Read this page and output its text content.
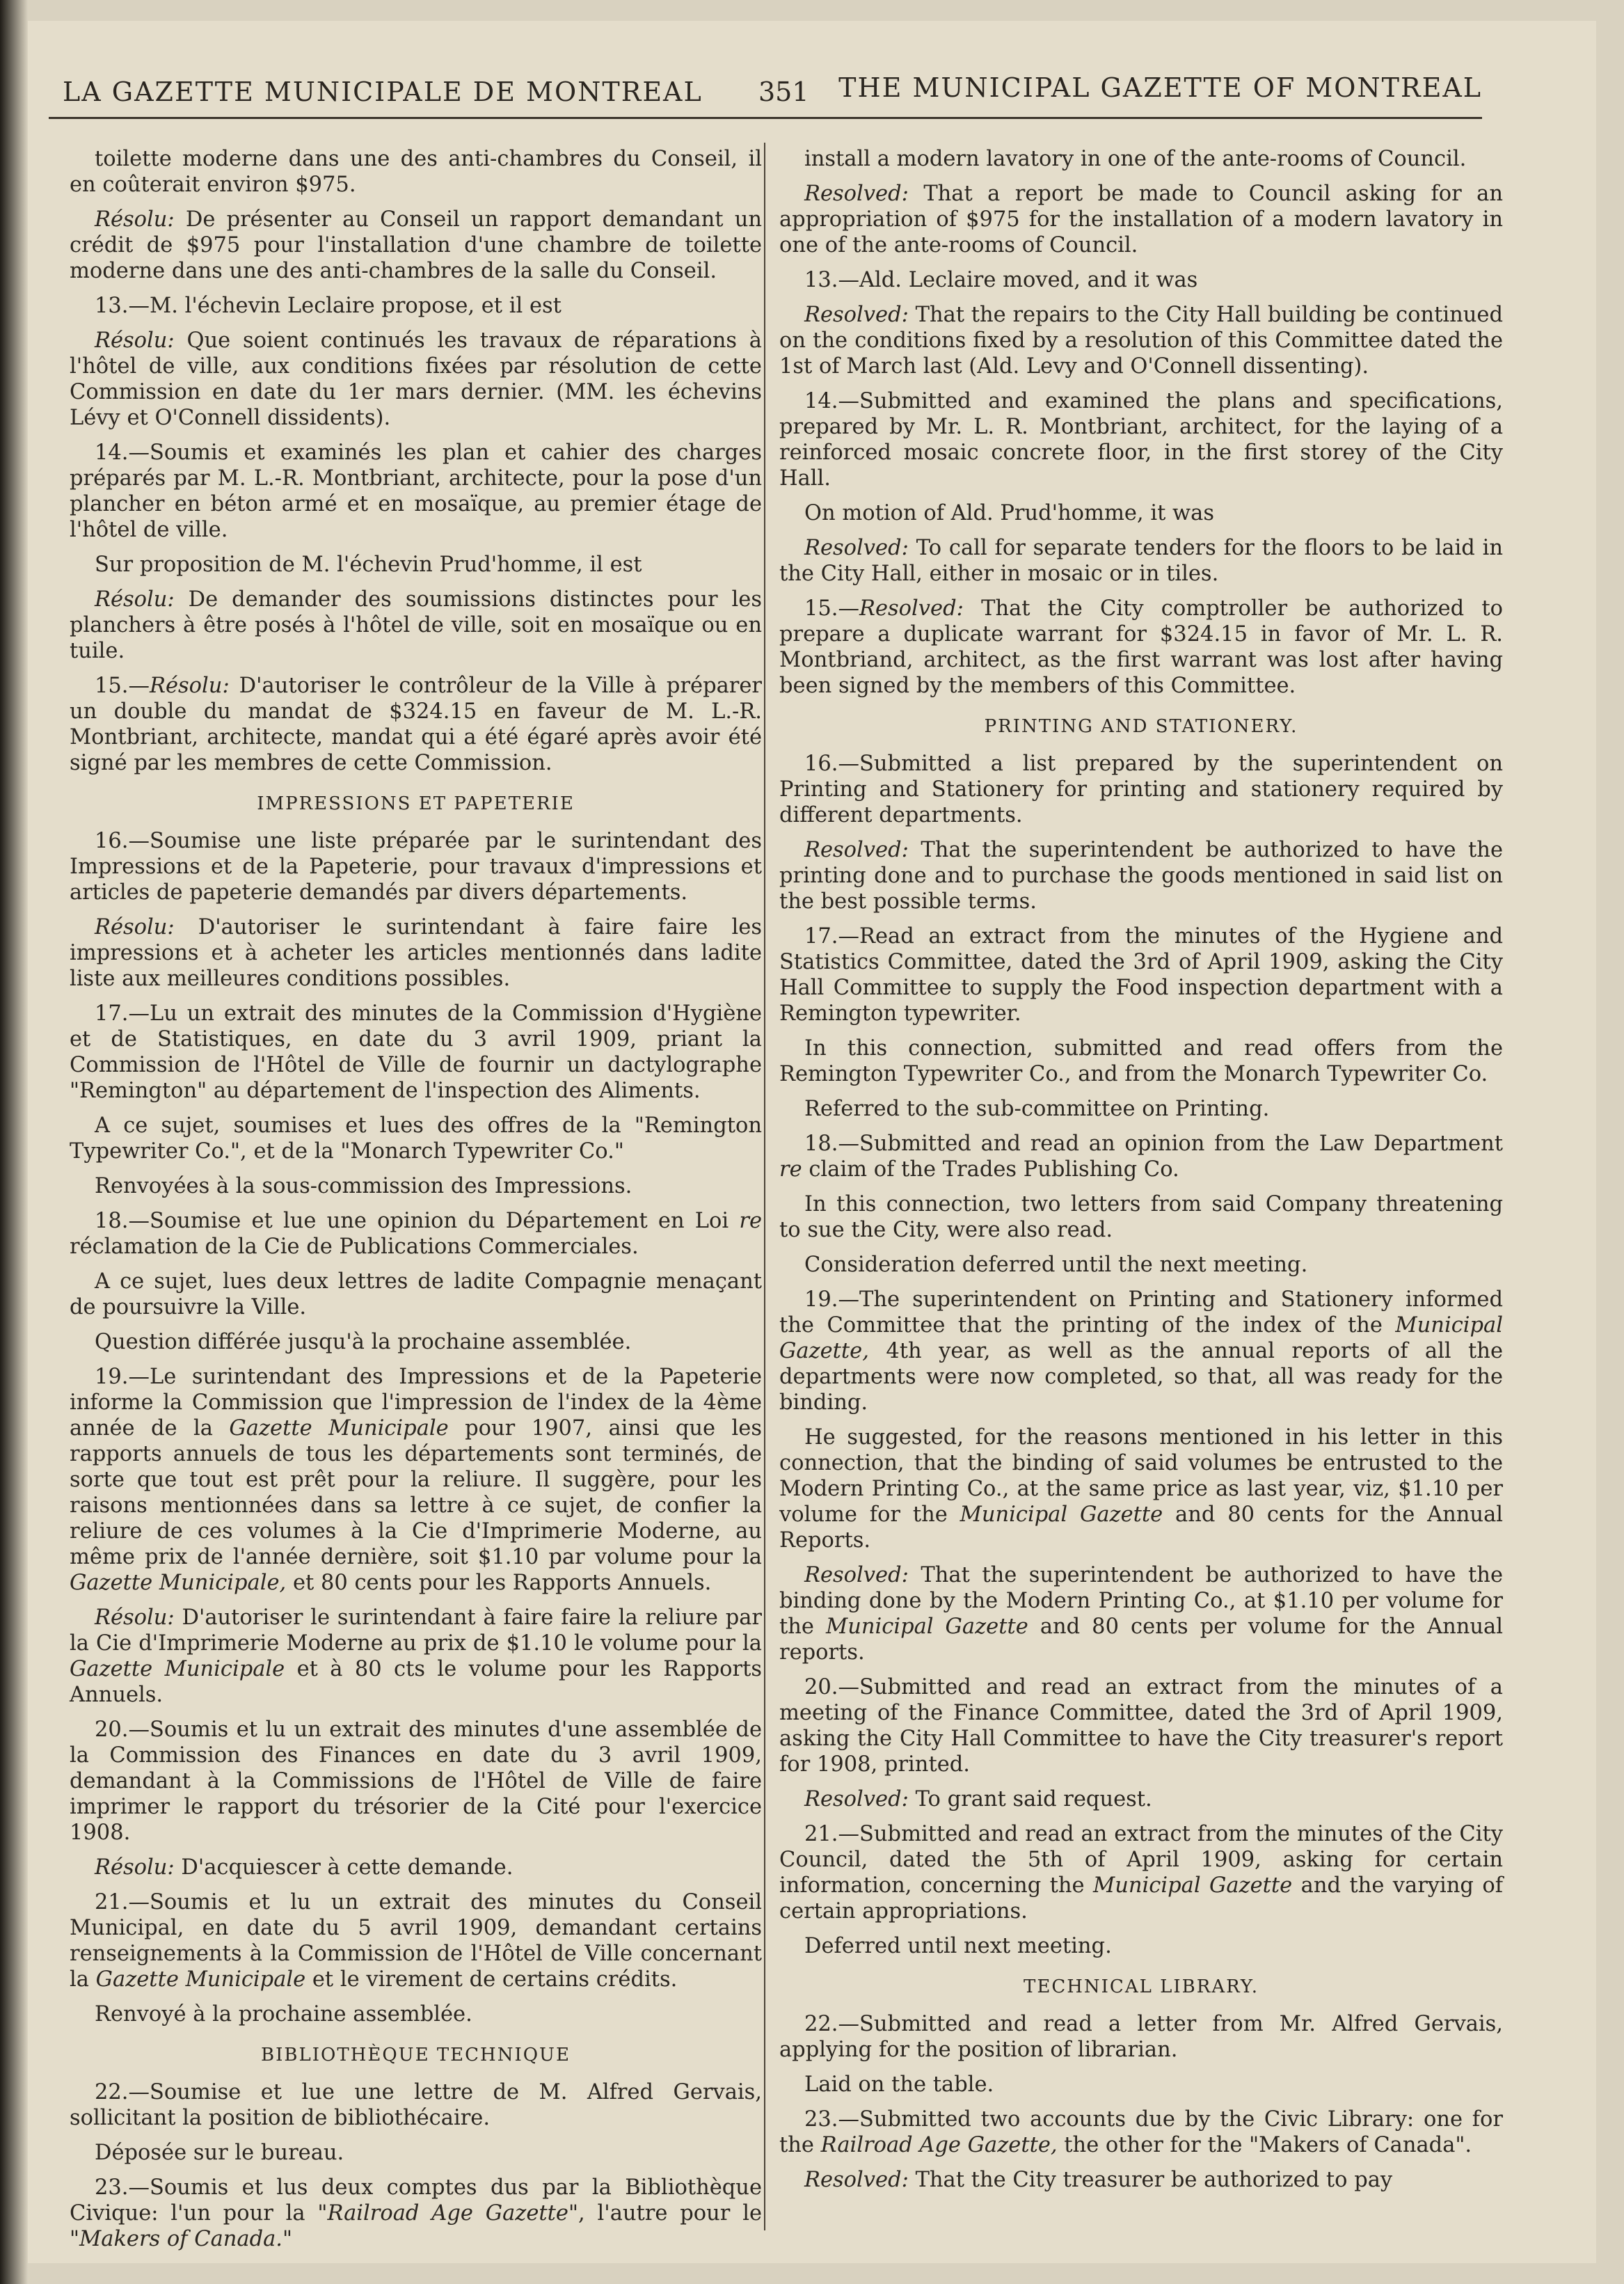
LA GAZETTE MUNICIPALE DE MONTREAL 351 THE MUNICIPAL GAZETTE OF MONTREAL

toilette moderne dans une des anti-chambres du Conseil, il en coûterait environ $975.

Résolu: De présenter au Conseil un rapport demandant un crédit de $975 pour l'installation d'une chambre de toilette moderne dans une des anti-chambres de la salle du Conseil.

13.—M. l'échevin Leclaire propose, et il est

Résolu: Que soient continués les travaux de réparations à l'hôtel de ville, aux conditions fixées par résolution de cette Commission en date du 1er mars dernier. (MM. les échevins Lévy et O'Connell dissidents).

14.—Soumis et examinés les plan et cahier des charges préparés par M. L.-R. Montbriant, architecte, pour la pose d'un plancher en béton armé et en mosaïque, au premier étage de l'hôtel de ville.

Sur proposition de M. l'échevin Prud'homme, il est

Résolu: De demander des soumissions distinctes pour les planchers à être posés à l'hôtel de ville, soit en mosaïque ou en tuile.

15.—Résolu: D'autoriser le contrôleur de la Ville à préparer un double du mandat de $324.15 en faveur de M. L.-R. Montbriant, architecte, mandat qui a été égaré après avoir été signé par les membres de cette Commission.

IMPRESSIONS ET PAPETERIE

16.—Soumise une liste préparée par le surintendant des Impressions et de la Papeterie, pour travaux d'impressions et articles de papeterie demandés par divers départements.

Résolu: D'autoriser le surintendant à faire faire les impressions et à acheter les articles mentionnés dans ladite liste aux meilleures conditions possibles.

17.—Lu un extrait des minutes de la Commission d'Hygiène et de Statistiques, en date du 3 avril 1909, priant la Commission de l'Hôtel de Ville de fournir un dactylographe "Remington" au département de l'inspection des Aliments.

A ce sujet, soumises et lues des offres de la "Remington Typewriter Co.", et de la "Monarch Typewriter Co."

Renvoyées à la sous-commission des Impressions.

18.—Soumise et lue une opinion du Département en Loi re réclamation de la Cie de Publications Commerciales.

A ce sujet, lues deux lettres de ladite Compagnie menaçant de poursuivre la Ville.

Question différée jusqu'à la prochaine assemblée.

19.—Le surintendant des Impressions et de la Papeterie informe la Commission que l'impression de l'index de la 4ème année de la Gazette Municipale pour 1907, ainsi que les rapports annuels de tous les départements sont terminés, de sorte que tout est prêt pour la reliure. Il suggère, pour les raisons mentionnées dans sa lettre à ce sujet, de confier la reliure de ces volumes à la Cie d'Imprimerie Moderne, au même prix de l'année dernière, soit $1.10 par volume pour la Gazette Municipale, et 80 cents pour les Rapports Annuels.

Résolu: D'autoriser le surintendant à faire faire la reliure par la Cie d'Imprimerie Moderne au prix de $1.10 le volume pour la Gazette Municipale et à 80 cts le volume pour les Rapports Annuels.

20.—Soumis et lu un extrait des minutes d'une assemblée de la Commission des Finances en date du 3 avril 1909, demandant à la Commissions de l'Hôtel de Ville de faire imprimer le rapport du trésorier de la Cité pour l'exercice 1908.

Résolu: D'acquiescer à cette demande.

21.—Soumis et lu un extrait des minutes du Conseil Municipal, en date du 5 avril 1909, demandant certains renseignements à la Commission de l'Hôtel de Ville concernant la Gazette Municipale et le virement de certains crédits.

Renvoyé à la prochaine assemblée.

BIBLIOTHÈQUE TECHNIQUE

22.—Soumise et lue une lettre de M. Alfred Gervais, sollicitant la position de bibliothécaire.

Déposée sur le bureau.

23.—Soumis et lus deux comptes dus par la Bibliothèque Civique: l'un pour la "Railroad Age Gazette", l'autre pour le "Makers of Canada."

install a modern lavatory in one of the ante-rooms of Council.

Resolved: That a report be made to Council asking for an appropriation of $975 for the installation of a modern lavatory in one of the ante-rooms of Council.

13.—Ald. Leclaire moved, and it was

Resolved: That the repairs to the City Hall building be continued on the conditions fixed by a resolution of this Committee dated the 1st of March last (Ald. Levy and O'Connell dissenting).

14.—Submitted and examined the plans and specifications, prepared by Mr. L. R. Montbriant, architect, for the laying of a reinforced mosaic concrete floor, in the first storey of the City Hall.

On motion of Ald. Prud'homme, it was

Resolved: To call for separate tenders for the floors to be laid in the City Hall, either in mosaic or in tiles.

15.—Resolved: That the City comptroller be authorized to prepare a duplicate warrant for $324.15 in favor of Mr. L. R. Montbriand, architect, as the first warrant was lost after having been signed by the members of this Committee.

PRINTING AND STATIONERY.

16.—Submitted a list prepared by the superintendent on Printing and Stationery for printing and stationery required by different departments.

Resolved: That the superintendent be authorized to have the printing done and to purchase the goods mentioned in said list on the best possible terms.

17.—Read an extract from the minutes of the Hygiene and Statistics Committee, dated the 3rd of April 1909, asking the City Hall Committee to supply the Food inspection department with a Remington typewriter.

In this connection, submitted and read offers from the Remington Typewriter Co., and from the Monarch Typewriter Co.

Referred to the sub-committee on Printing.

18.—Submitted and read an opinion from the Law Department re claim of the Trades Publishing Co.

In this connection, two letters from said Company threatening to sue the City, were also read.

Consideration deferred until the next meeting.

19.—The superintendent on Printing and Stationery informed the Committee that the printing of the index of the Municipal Gazette, 4th year, as well as the annual reports of all the departments were now completed, so that, all was ready for the binding.

He suggested, for the reasons mentioned in his letter in this connection, that the binding of said volumes be entrusted to the Modern Printing Co., at the same price as last year, viz, $1.10 per volume for the Municipal Gazette and 80 cents for the Annual Reports.

Resolved: That the superintendent be authorized to have the binding done by the Modern Printing Co., at $1.10 per volume for the Municipal Gazette and 80 cents per volume for the Annual reports.

20.—Submitted and read an extract from the minutes of a meeting of the Finance Committee, dated the 3rd of April 1909, asking the City Hall Committee to have the City treasurer's report for 1908, printed.

Resolved: To grant said request.

21.—Submitted and read an extract from the minutes of the City Council, dated the 5th of April 1909, asking for certain information, concerning the Municipal Gazette and the varying of certain appropriations.

Deferred until next meeting.

TECHNICAL LIBRARY.

22.—Submitted and read a letter from Mr. Alfred Gervais, applying for the position of librarian.

Laid on the table.

23.—Submitted two accounts due by the Civic Library: one for the Railroad Age Gazette, the other for the "Makers of Canada".

Resolved: That the City treasurer be authorized to pay
